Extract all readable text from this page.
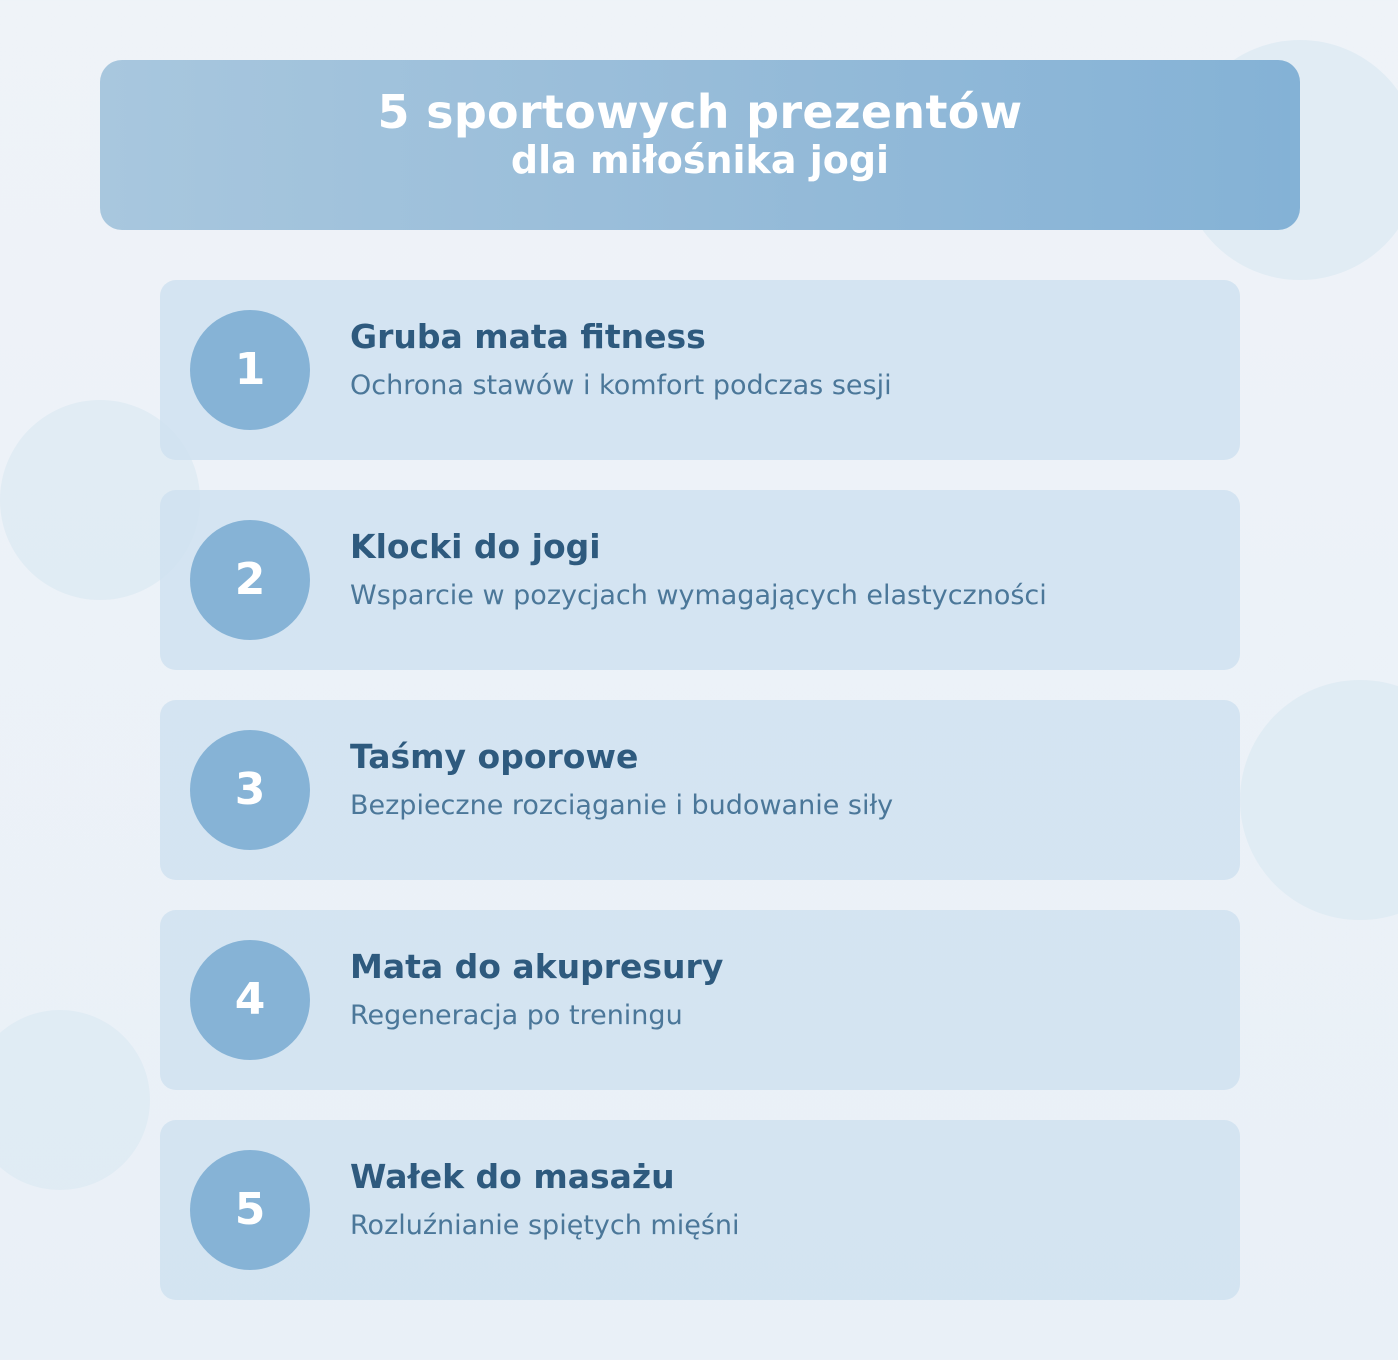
5 sportowych prezentów
dla miłośnika jogi
1
Gruba mata fitness
Ochrona stawów i komfort podczas sesji
2
Klocki do jogi
Wsparcie w pozycjach wymagających elastyczności
3
Taśmy oporowe
Bezpieczne rozciąganie i budowanie siły
4
Mata do akupresury
Regeneracja po treningu
5
Wałek do masażu
Rozluźnianie spiętych mięśni
